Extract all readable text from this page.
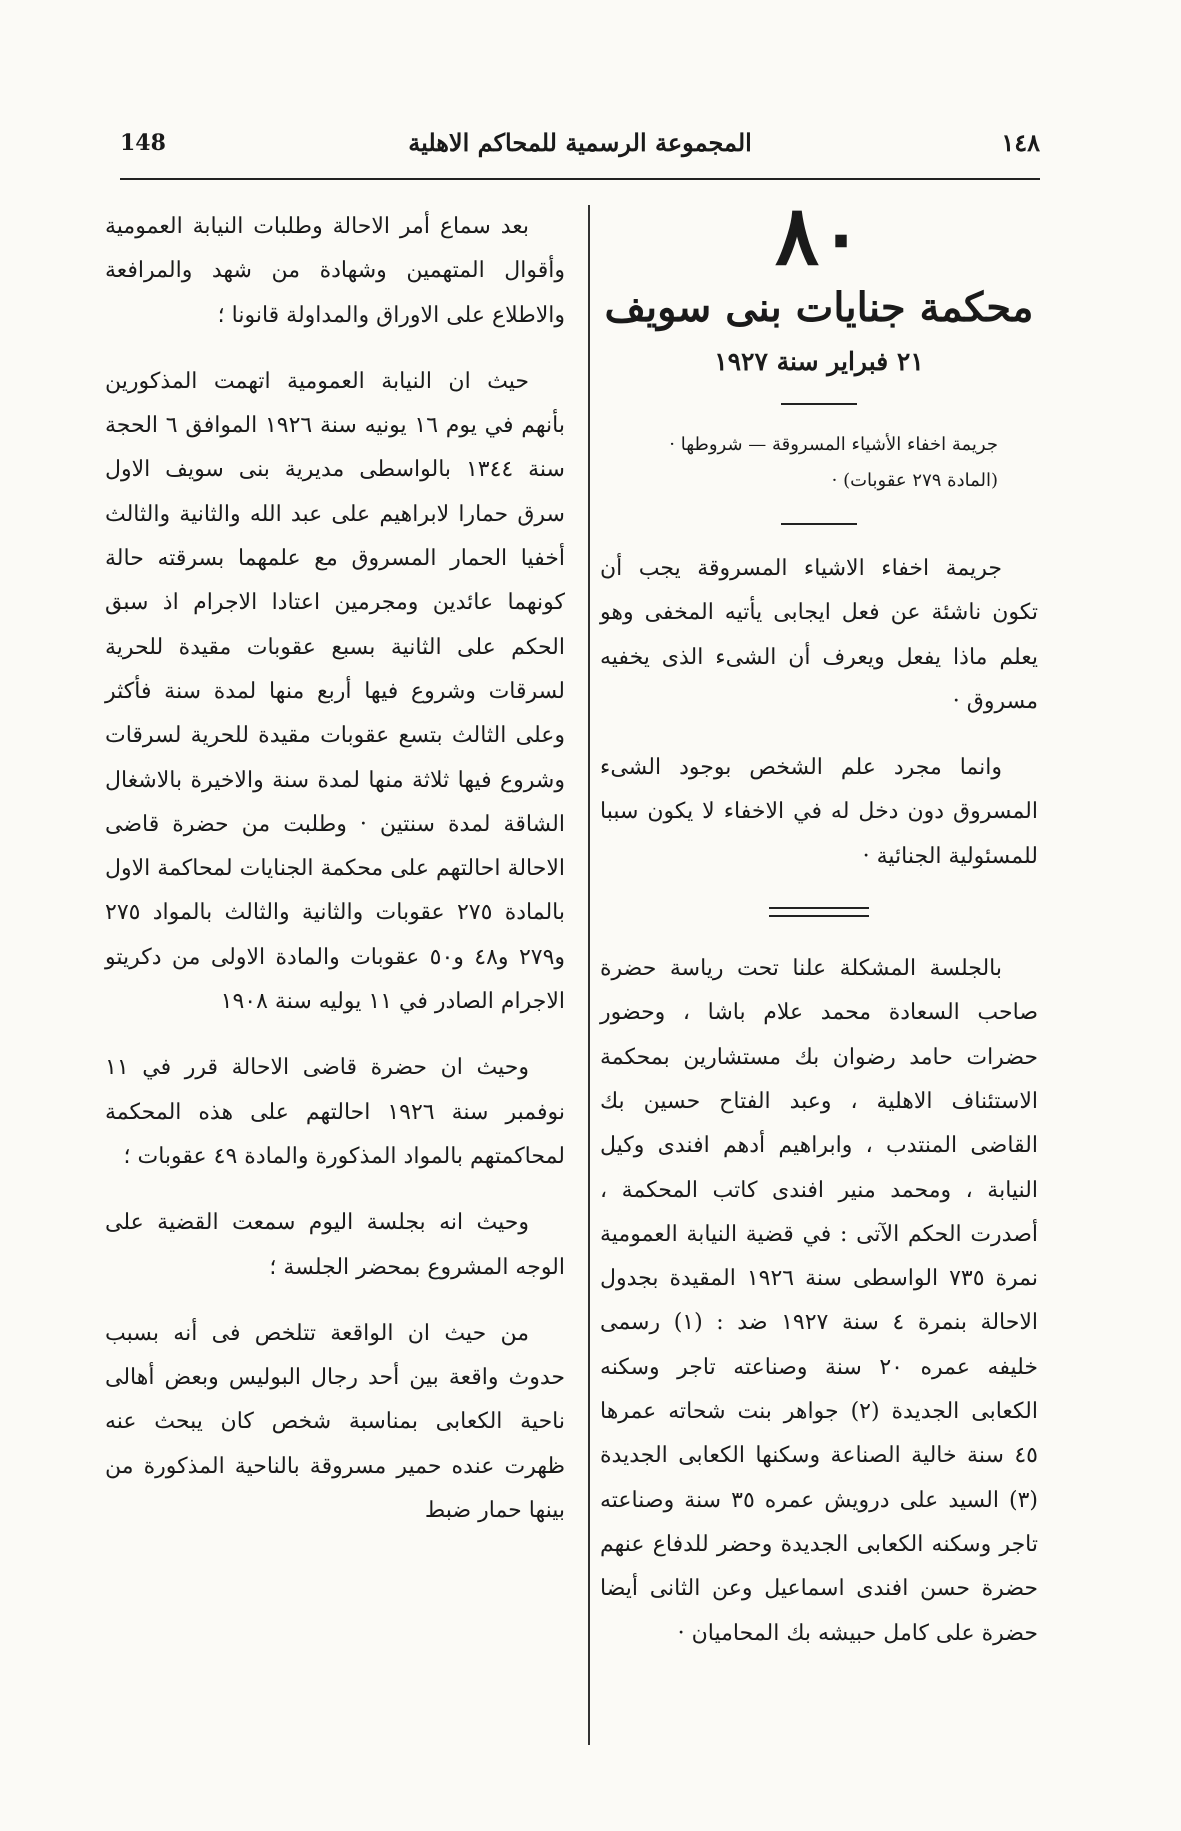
١٤٨
المجموعة الرسمية للمحاكم الاهلية
148
٨٠
محكمة جنايات بنى سويف
٢١ فبراير سنة ١٩٢٧
جريمة اخفاء الأشياء المسروقة — شروطها ·
(المادة ٢٧٩ عقوبات) ·

جريمة اخفاء الاشياء المسروقة يجب أن تكون ناشئة عن فعل ايجابى يأتيه المخفى وهو يعلم ماذا يفعل ويعرف أن الشىء الذى يخفيه مسروق ·

وانما مجرد علم الشخص بوجود الشىء المسروق دون دخل له في الاخفاء لا يكون سببا للمسئولية الجنائية ·

بالجلسة المشكلة علنا تحت رياسة حضرة صاحب السعادة محمد علام باشا ، وحضور حضرات حامد رضوان بك مستشارين بمحكمة الاستئناف الاهلية ، وعبد الفتاح حسين بك القاضى المنتدب ، وابراهيم أدهم افندى وكيل النيابة ، ومحمد منير افندى كاتب المحكمة ، أصدرت الحكم الآتى : في قضية النيابة العمومية نمرة ٧٣٥ الواسطى سنة ١٩٢٦ المقيدة بجدول الاحالة بنمرة ٤ سنة ١٩٢٧ ضد : (١) رسمى خليفه عمره ٢٠ سنة وصناعته تاجر وسكنه الكعابى الجديدة (٢) جواهر بنت شحاته عمرها ٤٥ سنة خالية الصناعة وسكنها الكعابى الجديدة (٣) السيد على درويش عمره ٣٥ سنة وصناعته تاجر وسكنه الكعابى الجديدة وحضر للدفاع عنهم حضرة حسن افندى اسماعيل وعن الثانى أيضا حضرة على كامل حبيشه بك المحاميان ·

بعد سماع أمر الاحالة وطلبات النيابة العمومية وأقوال المتهمين وشهادة من شهد والمرافعة والاطلاع على الاوراق والمداولة قانونا ؛

حيث ان النيابة العمومية اتهمت المذكورين بأنهم في يوم ١٦ يونيه سنة ١٩٢٦ الموافق ٦ الحجة سنة ١٣٤٤ بالواسطى مديرية بنى سويف الاول سرق حمارا لابراهيم على عبد الله والثانية والثالث أخفيا الحمار المسروق مع علمهما بسرقته حالة كونهما عائدين ومجرمين اعتادا الاجرام اذ سبق الحكم على الثانية بسبع عقوبات مقيدة للحرية لسرقات وشروع فيها أربع منها لمدة سنة فأكثر وعلى الثالث بتسع عقوبات مقيدة للحرية لسرقات وشروع فيها ثلاثة منها لمدة سنة والاخيرة بالاشغال الشاقة لمدة سنتين · وطلبت من حضرة قاضى الاحالة احالتهم على محكمة الجنايات لمحاكمة الاول بالمادة ٢٧٥ عقوبات والثانية والثالث بالمواد ٢٧٥ و٢٧٩ و٤٨ و٥٠ عقوبات والمادة الاولى من دكريتو الاجرام الصادر في ١١ يوليه سنة ١٩٠٨

وحيث ان حضرة قاضى الاحالة قرر في ١١ نوفمبر سنة ١٩٢٦ احالتهم على هذه المحكمة لمحاكمتهم بالمواد المذكورة والمادة ٤٩ عقوبات ؛

وحيث انه بجلسة اليوم سمعت القضية على الوجه المشروع بمحضر الجلسة ؛

من حيث ان الواقعة تتلخص فى أنه بسبب حدوث واقعة بين أحد رجال البوليس وبعض أهالى ناحية الكعابى بمناسبة شخص كان يبحث عنه ظهرت عنده حمير مسروقة بالناحية المذكورة من بينها حمار ضبط
